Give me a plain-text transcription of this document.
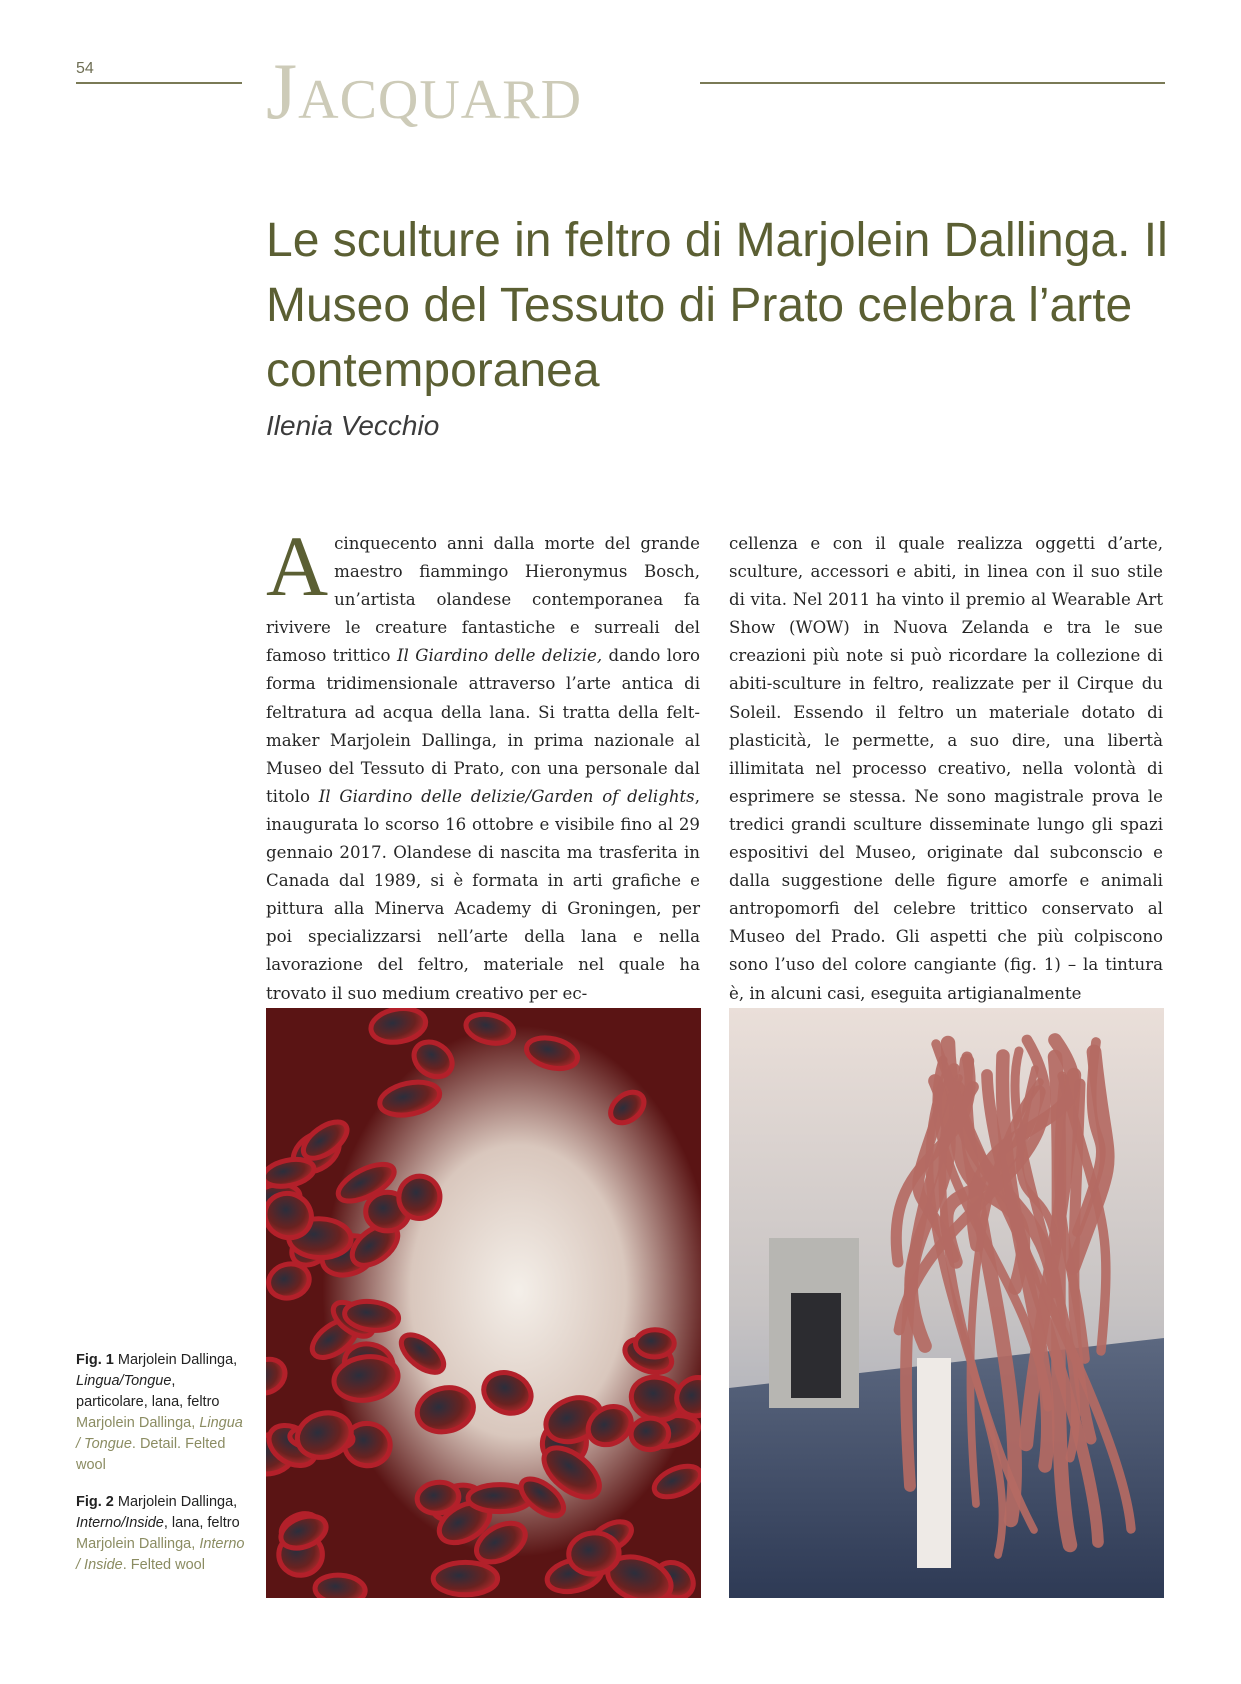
54 Jacquard
Le sculture in feltro di Marjolein Dallinga. Il Museo del Tessuto di Prato celebra l’arte contemporanea
Ilenia Vecchio

Acinquecento anni dalla morte del grande maestro fiammingo Hieronymus Bosch, un’artista olandese contemporanea fa rivivere le creature fantastiche e surreali del famoso trittico Il Giardino delle delizie, dando loro forma tridimensionale attraverso l’arte antica di feltratura ad acqua della lana. Si tratta della felt-maker Marjolein Dallinga, in prima nazionale al Museo del Tessuto di Prato, con una personale dal titolo Il Giardino delle delizie/Garden of delights, inaugurata lo scorso 16 ottobre e visibile fino al 29 gennaio 2017. Olandese di nascita ma trasferita in Canada dal 1989, si è formata in arti grafiche e pittura alla Minerva Academy di Groningen, per poi specializzarsi nell’arte della lana e nella lavorazione del feltro, materiale nel quale ha trovato il suo medium creativo per ec-

cellenza e con il quale realizza oggetti d’arte, sculture, accessori e abiti, in linea con il suo stile di vita. Nel 2011 ha vinto il premio al Wearable Art Show (WOW) in Nuova Zelanda e tra le sue creazioni più note si può ricordare la collezione di abiti-sculture in feltro, realizzate per il Cirque du Soleil. Essendo il feltro un materiale dotato di plasticità, le permette, a suo dire, una libertà illimitata nel processo creativo, nella volontà di esprimere se stessa. Ne sono magistrale prova le tredici grandi sculture disseminate lungo gli spazi espositivi del Museo, originate dal subconscio e dalla suggestione delle figure amorfe e animali antropomorfi del celebre trittico conservato al Museo del Prado. Gli aspetti che più colpiscono sono l’uso del colore cangiante (fig. 1) – la tintura è, in alcuni casi, eseguita artigianalmente

Fig. 1 Marjolein Dallinga, Lingua/Tongue, particolare, lana, feltro
Marjolein Dallinga, Lingua / Tongue. Detail. Felted wool

Fig. 2 Marjolein Dallinga, Interno/Inside, lana, feltro
Marjolein Dallinga, Interno / Inside. Felted wool
